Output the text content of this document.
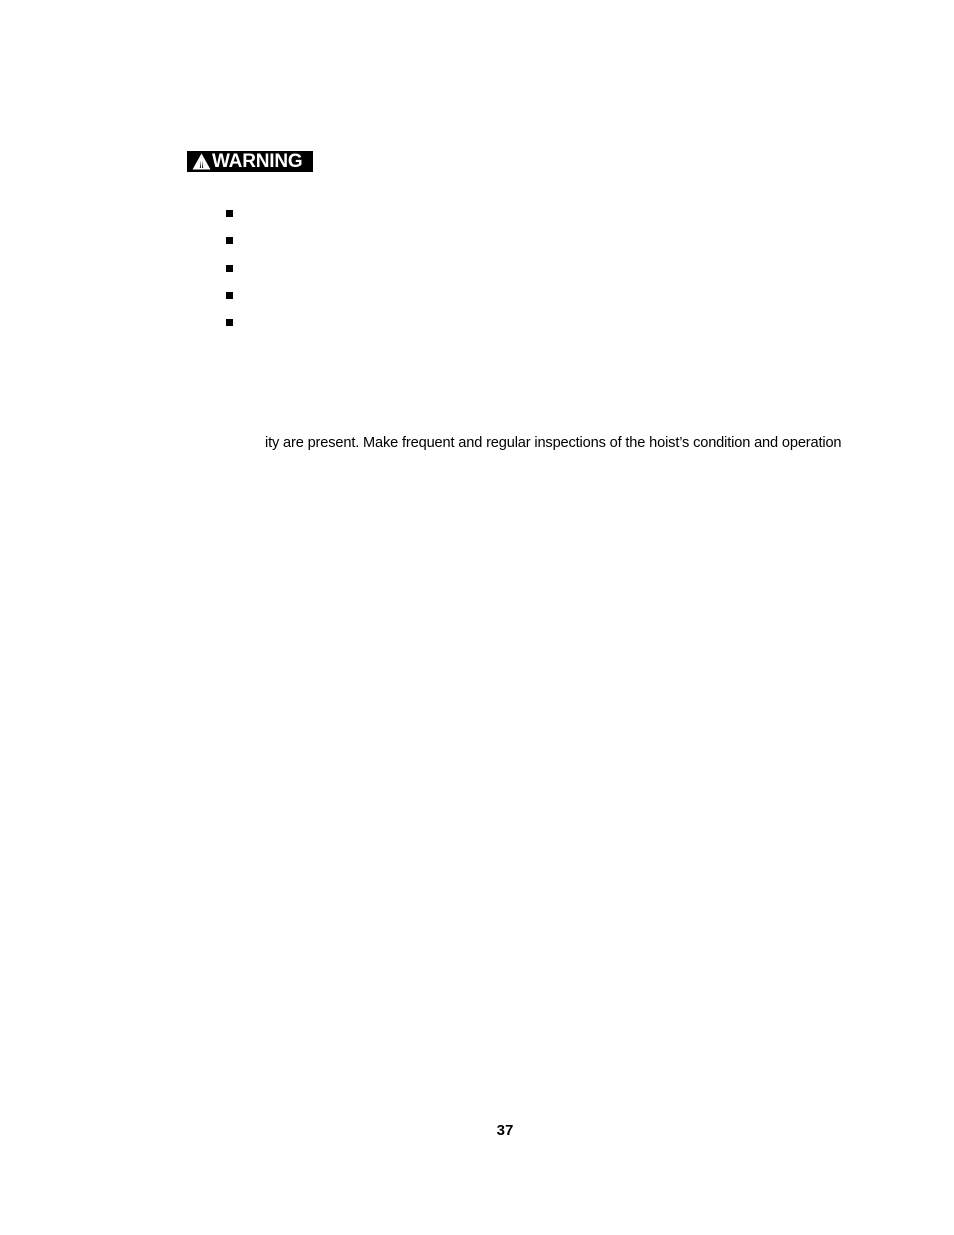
WARNING
ity are present. Make frequent and regular inspections of the hoist’s condition and operation
37
